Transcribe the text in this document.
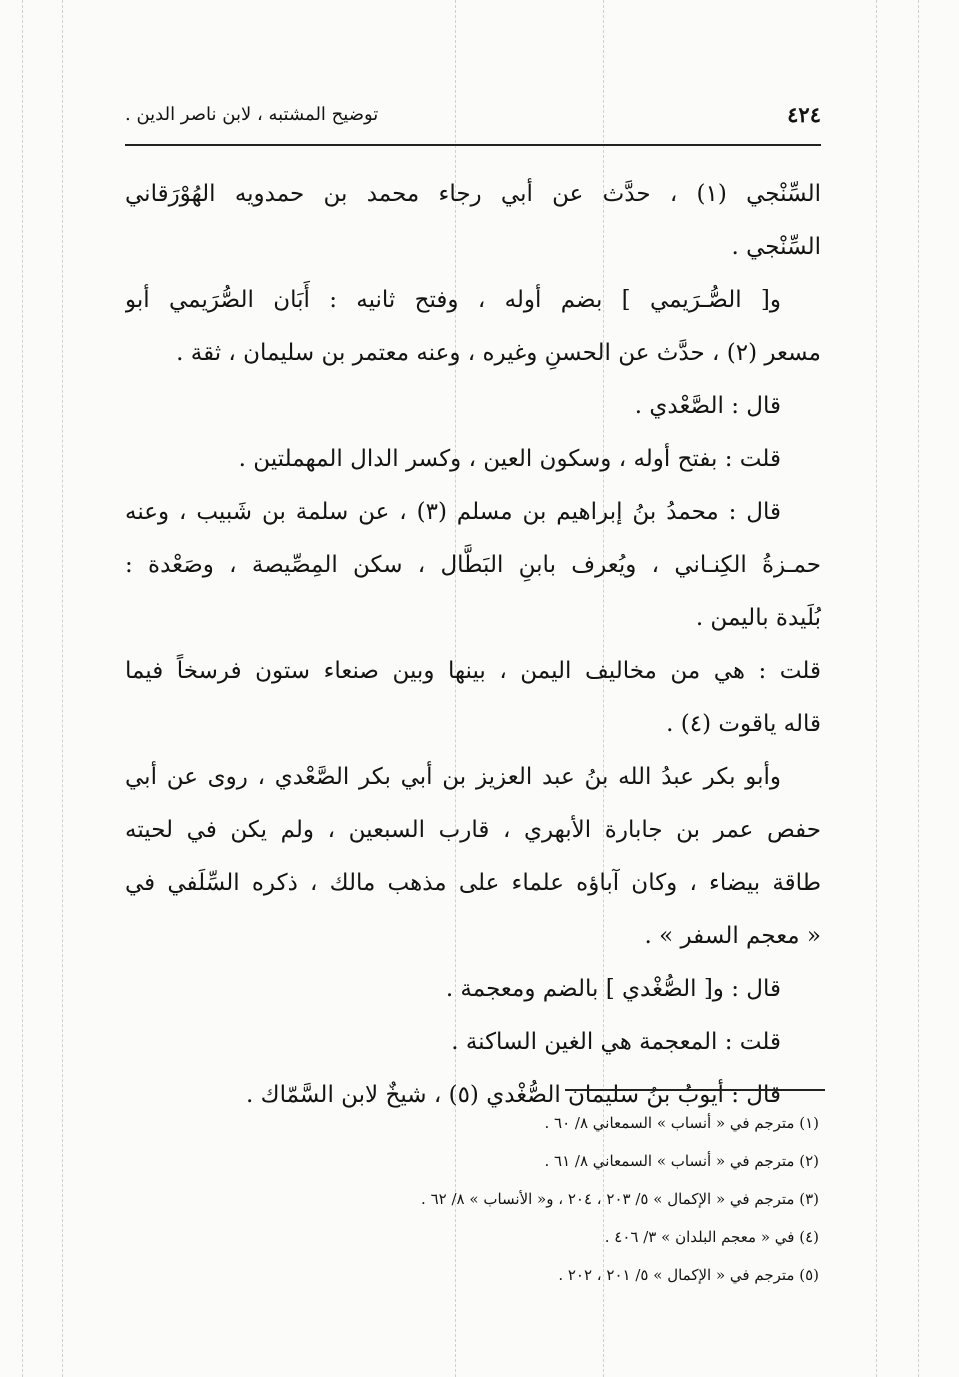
٤٢٤
توضيح المشتبه ، لابن ناصر الدين .
السِّنْجي (١) ، حدَّث عن أبي رجاء محمد بن حمدويه الهُوْرَقاني
السِّنْجي .
و[ الصُّـرَيمي ] بضم أوله ، وفتح ثانيه : أَبَان الصُّرَيمي أبو
مسعر (٢) ، حدَّث عن الحسنِ وغيره ، وعنه معتمر بن سليمان ، ثقة .
قال : الصَّعْدي .
قلت : بفتح أوله ، وسكون العين ، وكسر الدال المهملتين .
قال : محمدُ بنُ إبراهيم بن مسلم (٣) ، عن سلمة بن شَبيب ، وعنه
حمـزةُ الكِنـاني ، ويُعرف بابنِ البَطَّال ، سكن المِصِّيصة ، وصَعْدة :
بُلَيدة باليمن .
قلت : هي من مخاليف اليمن ، بينها وبين صنعاء ستون فرسخاً فيما
قاله ياقوت (٤) .
وأبو بكر عبدُ الله بنُ عبد العزيز بن أبي بكر الصَّعْدي ، روى عن أبي
حفص عمر بن جابارة الأبهري ، قارب السبعين ، ولم يكن في لحيته
طاقة بيضاء ، وكان آباؤه علماء على مذهب مالك ، ذكره السِّلَفي في
« معجم السفر » .
قال : و[ الصُّغْدي ] بالضم ومعجمة .
قلت : المعجمة هي الغين الساكنة .
قال : أيوبُ بنُ سليمان الصُّغْدي (٥) ، شيخٌ لابن السَّمّاك .
(١) مترجم في « أنساب » السمعاني ٨/ ٦٠ .
(٢) مترجم في « أنساب » السمعاني ٨/ ٦١ .
(٣) مترجم في « الإكمال » ٥/ ٢٠٣ ، ٢٠٤ ، و« الأنساب » ٨/ ٦٢ .
(٤) في « معجم البلدان » ٣/ ٤٠٦ .
(٥) مترجم في « الإكمال » ٥/ ٢٠١ ، ٢٠٢ .
